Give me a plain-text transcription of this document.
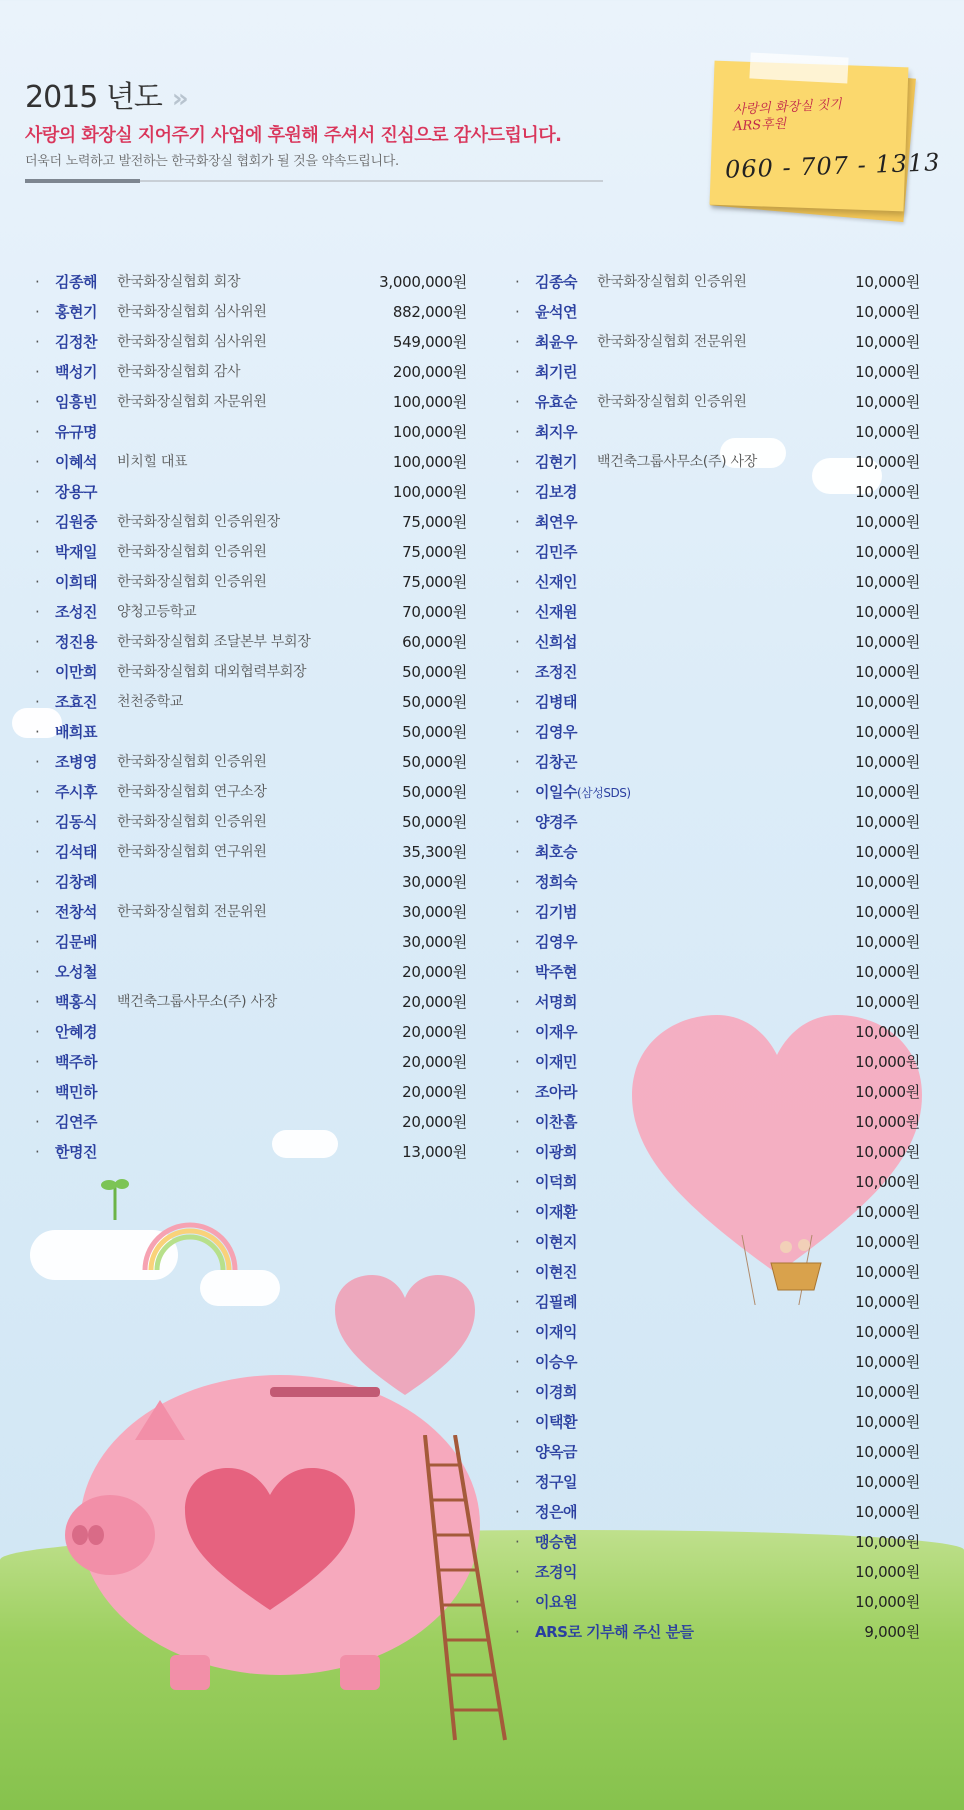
2015 년도 »
사랑의 화장실 지어주기 사업에 후원해 주셔서 진심으로 감사드립니다.
더욱더 노력하고 발전하는 한국화장실 협회가 될 것을 약속드립니다.
사랑의 화장실 짓기
ARS후원
060 - 707 - 1313
· 김종해 한국화장실협회 회장	3,000,000원
· 홍현기 한국화장실협회 심사위원	882,000원
· 김정찬 한국화장실협회 심사위원	549,000원
· 백성기 한국화장실협회 감사	200,000원
· 임흥빈 한국화장실협회 자문위원	100,000원
· 유규명	100,000원
· 이혜석 비치힐 대표	100,000원
· 장용구	100,000원
· 김원중 한국화장실협회 인증위원장	75,000원
· 박재일 한국화장실협회 인증위원	75,000원
· 이희태 한국화장실협회 인증위원	75,000원
· 조성진 양청고등학교	70,000원
· 정진용 한국화장실협회 조달본부 부회장	60,000원
· 이만희 한국화장실협회 대외협력부회장	50,000원
· 조효진 천천중학교	50,000원
· 배희표	50,000원
· 조병영 한국화장실협회 인증위원	50,000원
· 주시후 한국화장실협회 연구소장	50,000원
· 김동식 한국화장실협회 인증위원	50,000원
· 김석태 한국화장실협회 연구위원	35,300원
· 김창례	30,000원
· 전창석 한국화장실협회 전문위원	30,000원
· 김문배	30,000원
· 오성철	20,000원
· 백홍식 백건축그룹사무소(주) 사장	20,000원
· 안혜경	20,000원
· 백주하	20,000원
· 백민하	20,000원
· 김연주	20,000원
· 한명진	13,000원
· 김종숙 한국화장실협회 인증위원	10,000원
· 윤석연	10,000원
· 최윤우 한국화장실협회 전문위원	10,000원
· 최기린	10,000원
· 유효순 한국화장실협회 인증위원	10,000원
· 최지우	10,000원
· 김현기 백건축그룹사무소(주) 사장	10,000원
· 김보경	10,000원
· 최연우	10,000원
· 김민주	10,000원
· 신재인	10,000원
· 신재원	10,000원
· 신희섭	10,000원
· 조정진	10,000원
· 김병태	10,000원
· 김영우	10,000원
· 김창곤	10,000원
· 이일수(삼성SDS)	10,000원
· 양경주	10,000원
· 최호승	10,000원
· 정희숙	10,000원
· 김기범	10,000원
· 김영우	10,000원
· 박주현	10,000원
· 서명희	10,000원
· 이재우	10,000원
· 이재민	10,000원
· 조아라	10,000원
· 이찬흠	10,000원
· 이광희	10,000원
· 이덕희	10,000원
· 이재환	10,000원
· 이현지	10,000원
· 이현진	10,000원
· 김필례	10,000원
· 이재익	10,000원
· 이승우	10,000원
· 이경희	10,000원
· 이택환	10,000원
· 양옥금	10,000원
· 정구일	10,000원
· 정은애	10,000원
· 맹승현	10,000원
· 조경익	10,000원
· 이요원	10,000원
· ARS로 기부해 주신 분들	9,000원
